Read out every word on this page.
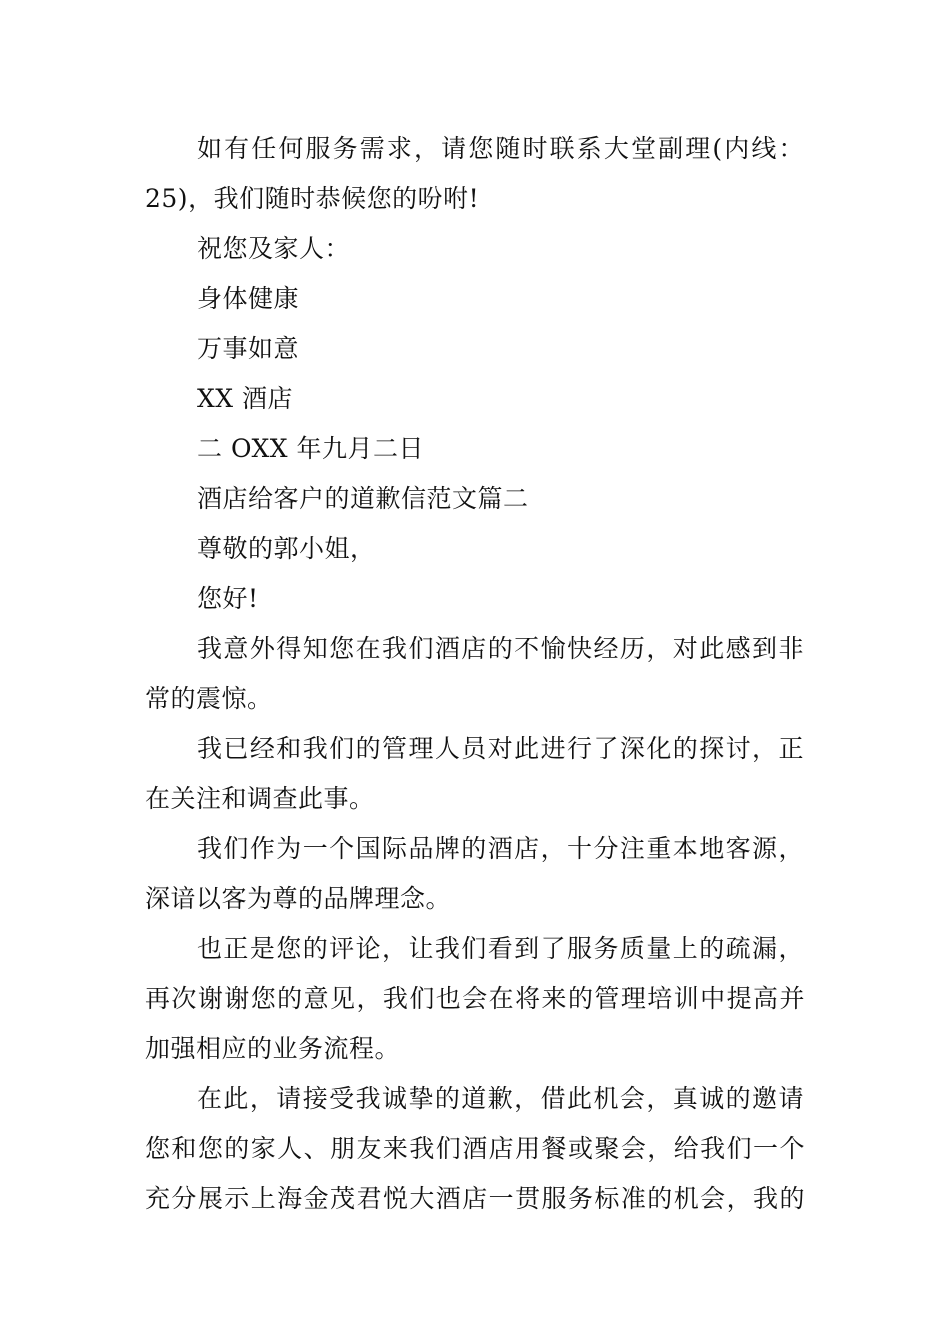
如有任何服务需求，请您随时联系大堂副理(内线：
25)，我们随时恭候您的吩咐!
祝您及家人：
身体健康
万事如意
XX 酒店
二 OXX 年九月二日
酒店给客户的道歉信范文篇二
尊敬的郭小姐，
您好!
我意外得知您在我们酒店的不愉快经历，对此感到非
常的震惊。
我已经和我们的管理人员对此进行了深化的探讨，正
在关注和调查此事。
我们作为一个国际品牌的酒店，十分注重本地客源，
深谙以客为尊的品牌理念。
也正是您的评论，让我们看到了服务质量上的疏漏，
再次谢谢您的意见，我们也会在将来的管理培训中提高并
加强相应的业务流程。
在此，请接受我诚挚的道歉，借此机会，真诚的邀请
您和您的家人、朋友来我们酒店用餐或聚会，给我们一个
充分展示上海金茂君悦大酒店一贯服务标准的机会，我的
